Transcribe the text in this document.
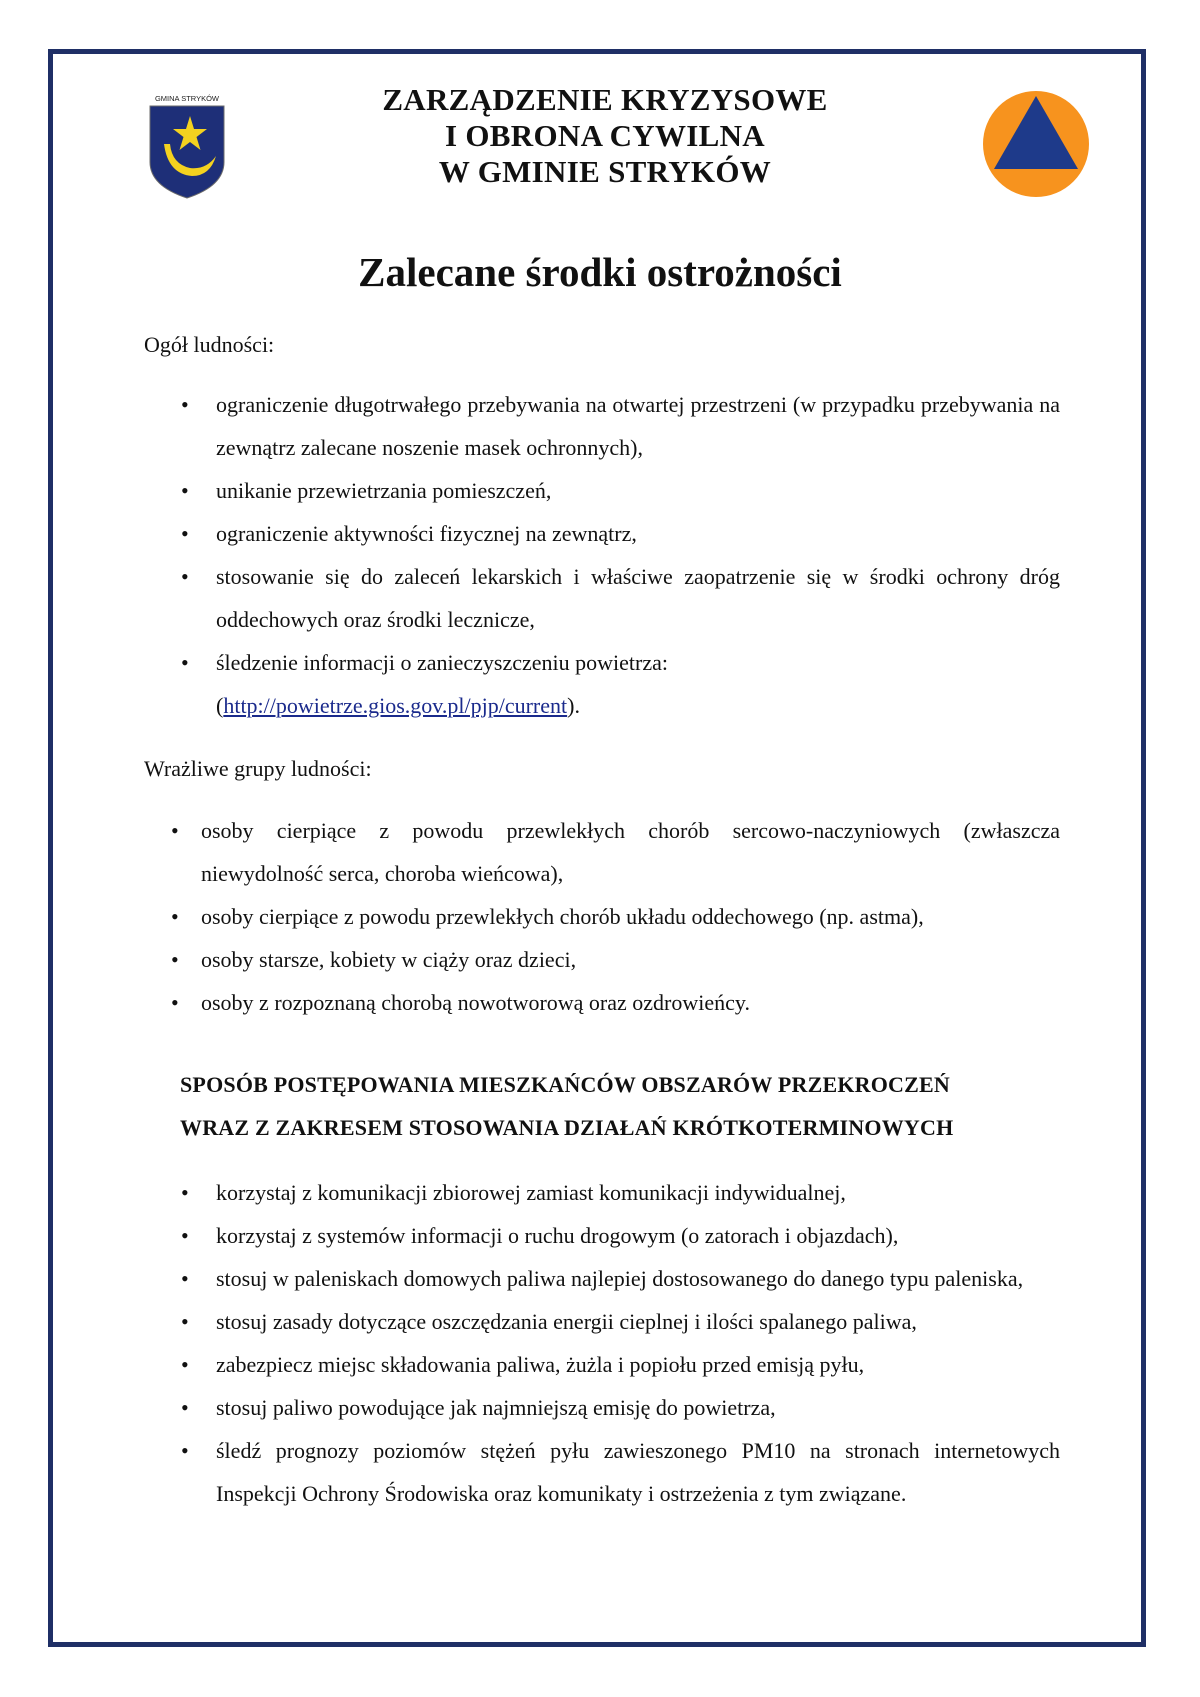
GMINA STRYKÓW	ZARZĄDZENIE KRYZYSOWE
I OBRONA CYWILNA
W GMINIE STRYKÓW
Zalecane środki ostrożności

Ogół ludności:

• ograniczenie długotrwałego przebywania na otwartej przestrzeni (w przypadku przebywania na zewnątrz zalecane noszenie masek ochronnych),
• unikanie przewietrzania pomieszczeń,
• ograniczenie aktywności fizycznej na zewnątrz,
• stosowanie się do zaleceń lekarskich i właściwe zaopatrzenie się w środki ochrony dróg oddechowych oraz środki lecznicze,
• śledzenie informacji o zanieczyszczeniu powietrza:
(http://powietrze.gios.gov.pl/pjp/current).

Wrażliwe grupy ludności:

• osoby cierpiące z powodu przewlekłych chorób sercowo-naczyniowych (zwłaszcza niewydolność serca, choroba wieńcowa),
• osoby cierpiące z powodu przewlekłych chorób układu oddechowego (np. astma),
• osoby starsze, kobiety w ciąży oraz dzieci,
• osoby z rozpoznaną chorobą nowotworową oraz ozdrowieńcy.
SPOSÓB POSTĘPOWANIA MIESZKAŃCÓW OBSZARÓW PRZEKROCZEŃ
WRAZ Z ZAKRESEM STOSOWANIA DZIAŁAŃ KRÓTKOTERMINOWYCH
• korzystaj z komunikacji zbiorowej zamiast komunikacji indywidualnej,
• korzystaj z systemów informacji o ruchu drogowym (o zatorach i objazdach),
• stosuj w paleniskach domowych paliwa najlepiej dostosowanego do danego typu paleniska,
• stosuj zasady dotyczące oszczędzania energii cieplnej i ilości spalanego paliwa,
• zabezpiecz miejsc składowania paliwa, żużla i popiołu przed emisją pyłu,
• stosuj paliwo powodujące jak najmniejszą emisję do powietrza,
• śledź prognozy poziomów stężeń pyłu zawieszonego PM10 na stronach internetowych Inspekcji Ochrony Środowiska oraz komunikaty i ostrzeżenia z tym związane.
